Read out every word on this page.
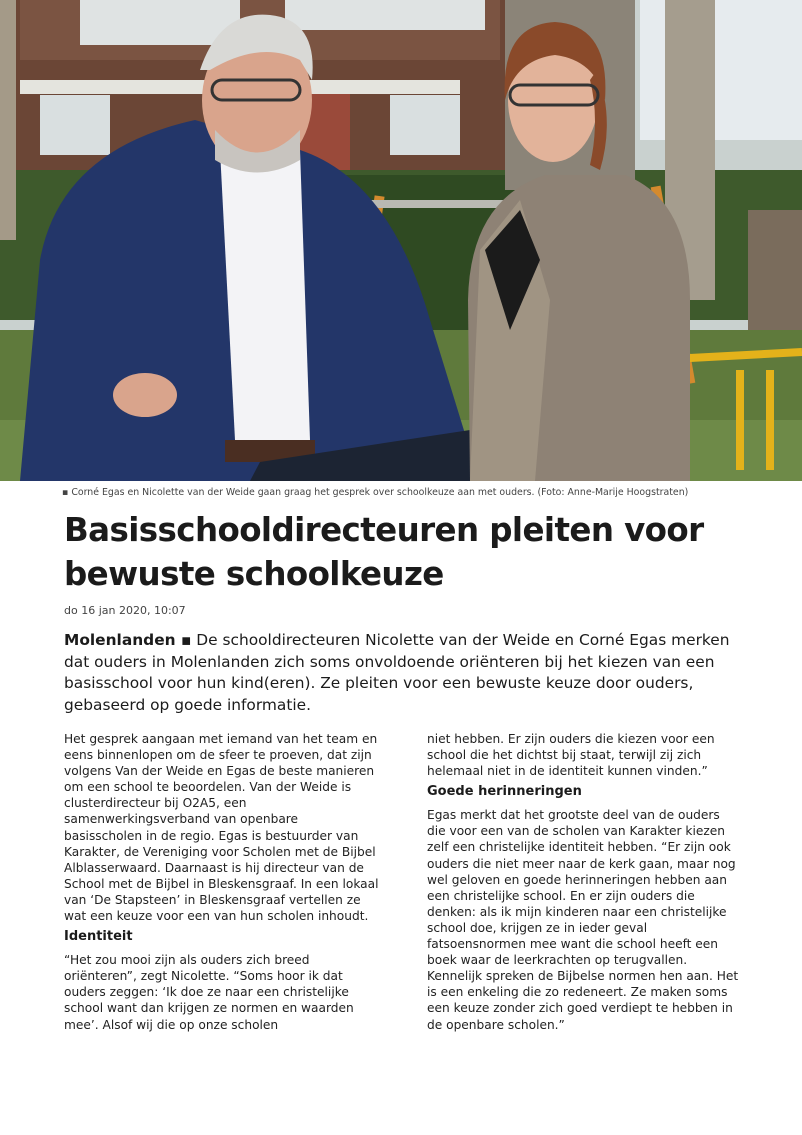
▪ Corné Egas en Nicolette van der Weide gaan graag het gesprek over schoolkeuze aan met ouders. (Foto: Anne-Marije Hoogstraten)
Basisschooldirecteuren pleiten voor bewuste schoolkeuze
do 16 jan 2020, 10:07

Molenlanden ▪ De schooldirecteuren Nicolette van der Weide en Corné Egas merken dat ouders in Molenlanden zich soms onvoldoende oriënteren bij het kiezen van een basisschool voor hun kind(eren). Ze pleiten voor een bewuste keuze door ouders, gebaseerd op goede informatie.

Het gesprek aangaan met iemand van het team en eens binnenlopen om de sfeer te proeven, dat zijn volgens Van der Weide en Egas de beste manieren om een school te beoordelen. Van der Weide is clusterdirecteur bij O2A5, een samenwerkingsverband van openbare basisscholen in de regio. Egas is bestuurder van Karakter, de Vereniging voor Scholen met de Bijbel Alblasserwaard. Daarnaast is hij directeur van de School met de Bijbel in Bleskensgraaf. In een lokaal van ‘De Stapsteen’ in Bleskensgraaf vertellen ze wat een keuze voor een van hun scholen inhoudt.

Identiteit

“Het zou mooi zijn als ouders zich breed oriënteren”, zegt Nicolette. “Soms hoor ik dat ouders zeggen: ‘Ik doe ze naar een christelijke school want dan krijgen ze normen en waarden mee’. Alsof wij die op onze scholen

niet hebben. Er zijn ouders die kiezen voor een school die het dichtst bij staat, terwijl zij zich helemaal niet in de identiteit kunnen vinden.”

Goede herinneringen

Egas merkt dat het grootste deel van de ouders die voor een van de scholen van Karakter kiezen zelf een christelijke identiteit hebben. “Er zijn ook ouders die niet meer naar de kerk gaan, maar nog wel geloven en goede herinneringen hebben aan een christelijke school. En er zijn ouders die denken: als ik mijn kinderen naar een christelijke school doe, krijgen ze in ieder geval fatsoensnormen mee want die school heeft een boek waar de leerkrachten op terugvallen. Kennelijk spreken de Bijbelse normen hen aan. Het is een enkeling die zo redeneert. Ze maken soms een keuze zonder zich goed verdiept te hebben in de openbare scholen.”
